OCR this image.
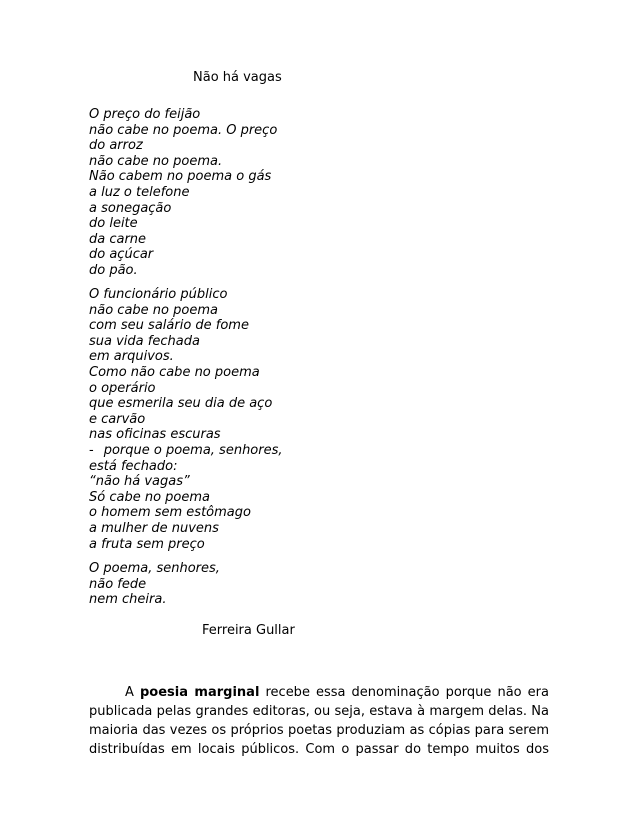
Não há vagas
O preço do feijão
não cabe no poema. O preço
do arroz
não cabe no poema.
Não cabem no poema o gás
a luz o telefone
a sonegação
do leite
da carne
do açúcar
do pão.
O funcionário público
não cabe no poema
com seu salário de fome
sua vida fechada
em arquivos.
Como não cabe no poema
o operário
que esmerila seu dia de aço
e carvão
nas oficinas escuras
- porque o poema, senhores,
está fechado:
“não há vagas”
Só cabe no poema
o homem sem estômago
a mulher de nuvens
a fruta sem preço
O poema, senhores,
não fede
nem cheira.
Ferreira Gullar
A poesia marginal recebe essa denominação porque não era
publicada pelas grandes editoras, ou seja, estava à margem delas. Na
maioria das vezes os próprios poetas produziam as cópias para serem
distribuídas em locais públicos. Com o passar do tempo muitos dos
